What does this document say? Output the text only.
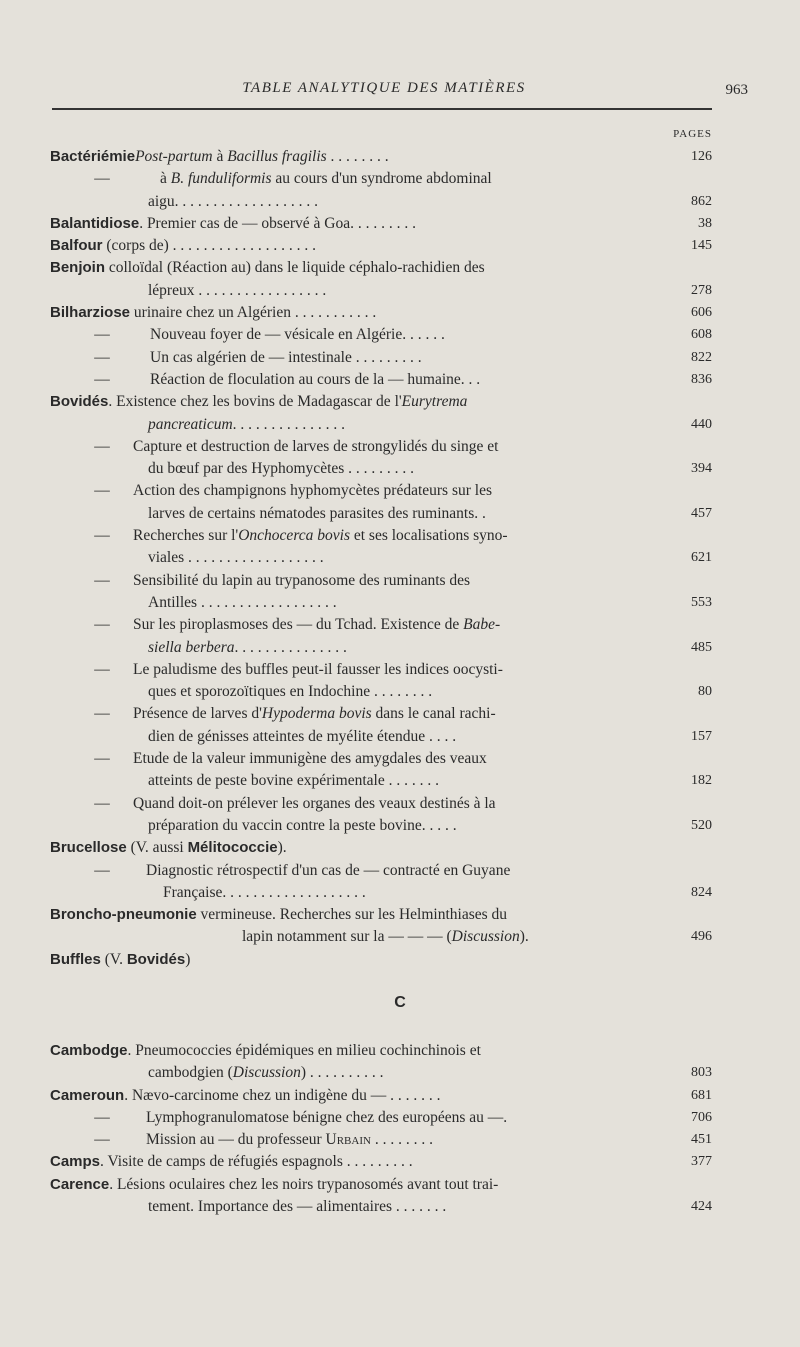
TABLE ANALYTIQUE DES MATIÈRES	963
PAGES
BactériémiePost-partum à Bacillus fragilis . . . . . . . .	126
—	à B. funduliformis au cours d'un syndrome abdominal
aigu. . . . . . . . . . . . . . . . . . .	862
Balantidiose. Premier cas de — observé à Goa. . . . . . . . .	38
Balfour (corps de) . . . . . . . . . . . . . . . . . . .	145
Benjoin colloïdal (Réaction au) dans le liquide céphalo-rachidien des
lépreux . . . . . . . . . . . . . . . . .	278
Bilharziose urinaire chez un Algérien . . . . . . . . . . .	606
—	Nouveau foyer de — vésicale en Algérie. . . . . .	608
—	Un cas algérien de — intestinale . . . . . . . . .	822
—	Réaction de floculation au cours de la — humaine. . .	836
Bovidés. Existence chez les bovins de Madagascar de l'Eurytrema
pancreaticum. . . . . . . . . . . . . . .	440
— Capture et destruction de larves de strongylidés du singe et
du bœuf par des Hyphomycètes . . . . . . . . .	394
— Action des champignons hyphomycètes prédateurs sur les
larves de certains nématodes parasites des ruminants. .	457
— Recherches sur l'Onchocerca bovis et ses localisations syno-
viales . . . . . . . . . . . . . . . . . .	621
— Sensibilité du lapin au trypanosome des ruminants des
Antilles . . . . . . . . . . . . . . . . . .	553
— Sur les piroplasmoses des — du Tchad. Existence de Babe-
siella berbera. . . . . . . . . . . . . . .	485
— Le paludisme des buffles peut-il fausser les indices oocysti-
ques et sporozoïtiques en Indochine . . . . . . . .	80
— Présence de larves d'Hypoderma bovis dans le canal rachi-
dien de génisses atteintes de myélite étendue . . . .	157
— Etude de la valeur immunigène des amygdales des veaux
atteints de peste bovine expérimentale . . . . . . .	182
— Quand doit-on prélever les organes des veaux destinés à la
préparation du vaccin contre la peste bovine. . . . .	520
Brucellose (V. aussi Mélitococcie).
— Diagnostic rétrospectif d'un cas de — contracté en Guyane
Française. . . . . . . . . . . . . . . . . . .	824
Broncho-pneumonie vermineuse. Recherches sur les Helminthiases du
lapin notamment sur la — — — (Discussion).	496
Buffles (V. Bovidés)
C
Cambodge. Pneumococcies épidémiques en milieu cochinchinois et
cambodgien (Discussion) . . . . . . . . . .	803
Cameroun. Nævo-carcinome chez un indigène du — . . . . . . .	681
— Lymphogranulomatose bénigne chez des européens au —.	706
— Mission au — du professeur Urbain . . . . . . . .	451
Camps. Visite de camps de réfugiés espagnols . . . . . . . . .	377
Carence. Lésions oculaires chez les noirs trypanosomés avant tout trai-
tement. Importance des — alimentaires . . . . . . .	424
